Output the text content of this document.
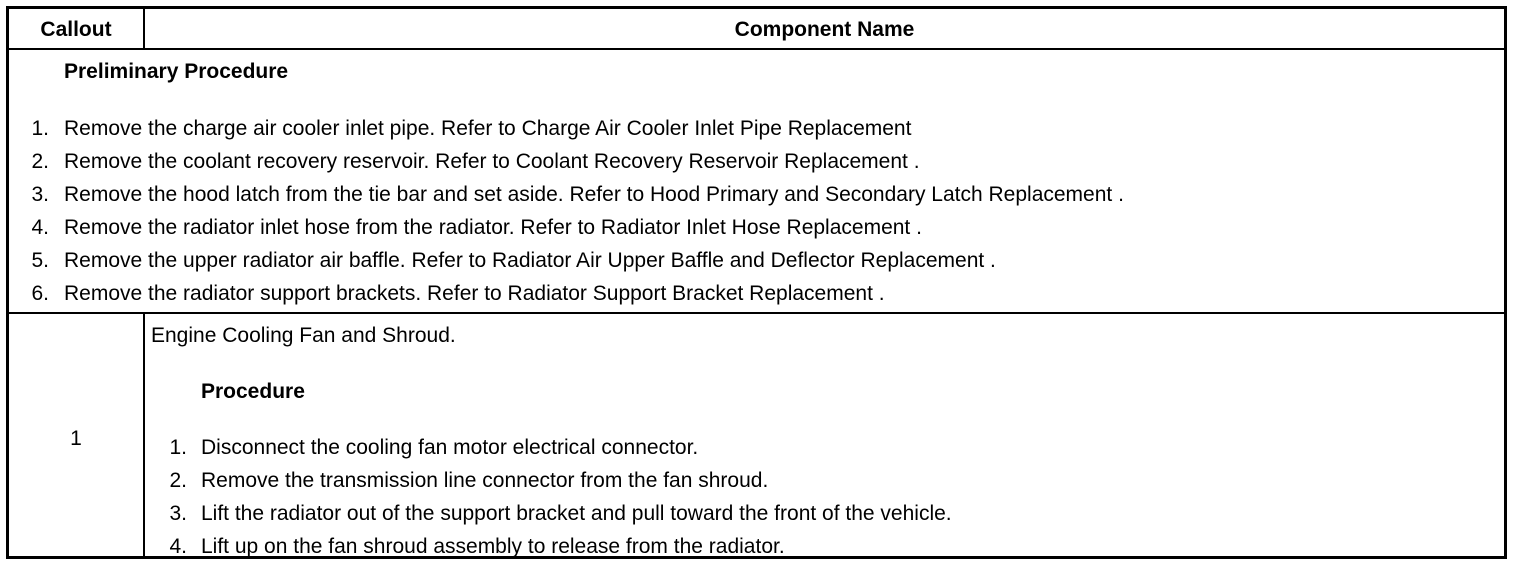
Callout	Component Name
Preliminary Procedure
1. Remove the charge air cooler inlet pipe. Refer to Charge Air Cooler Inlet Pipe Replacement
2. Remove the coolant recovery reservoir. Refer to Coolant Recovery Reservoir Replacement .
3. Remove the hood latch from the tie bar and set aside. Refer to Hood Primary and Secondary Latch Replacement .
4. Remove the radiator inlet hose from the radiator. Refer to Radiator Inlet Hose Replacement .
5. Remove the upper radiator air baffle. Refer to Radiator Air Upper Baffle and Deflector Replacement .
6. Remove the radiator support brackets. Refer to Radiator Support Bracket Replacement .
1
Engine Cooling Fan and Shroud.
Procedure
1. Disconnect the cooling fan motor electrical connector.
2. Remove the transmission line connector from the fan shroud.
3. Lift the radiator out of the support bracket and pull toward the front of the vehicle.
4. Lift up on the fan shroud assembly to release from the radiator.
